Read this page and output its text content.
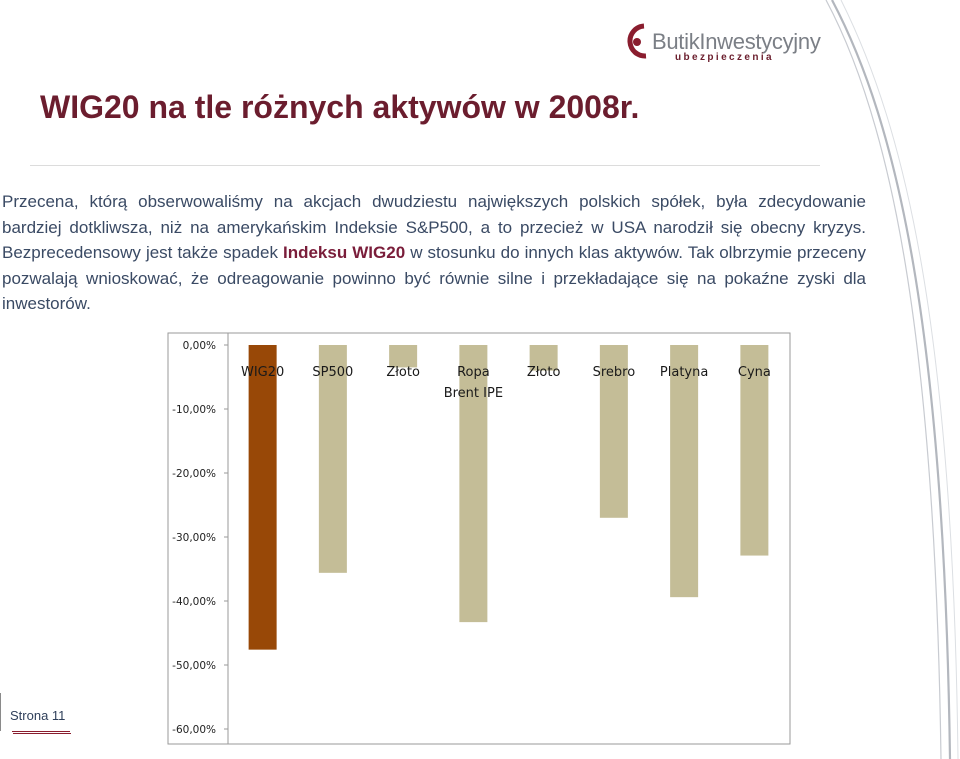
ButikInwestycyjny
ubezpieczenia
WIG20 na tle różnych aktywów w 2008r.

Przecena, którą obserwowaliśmy na akcjach dwudziestu największych polskich spółek, była zdecydowanie bardziej dotkliwsza, niż na amerykańskim Indeksie S&P500, a to przecież w USA narodził się obecny kryzys. Bezprecedensowy jest także spadek Indeksu WIG20 w stosunku do innych klas aktywów. Tak olbrzymie przeceny pozwalają wnioskować, że odreagowanie powinno być równie silne i przekładające się na pokaźne zyski dla inwestorów.

0,00%
-10,00%
-20,00%
-30,00%
-40,00%
-50,00%
-60,00%
WIG20 SP500	Złoto	Ropa Brent IPE
Złoto Srebro Platyna Cyna
Strona 11
